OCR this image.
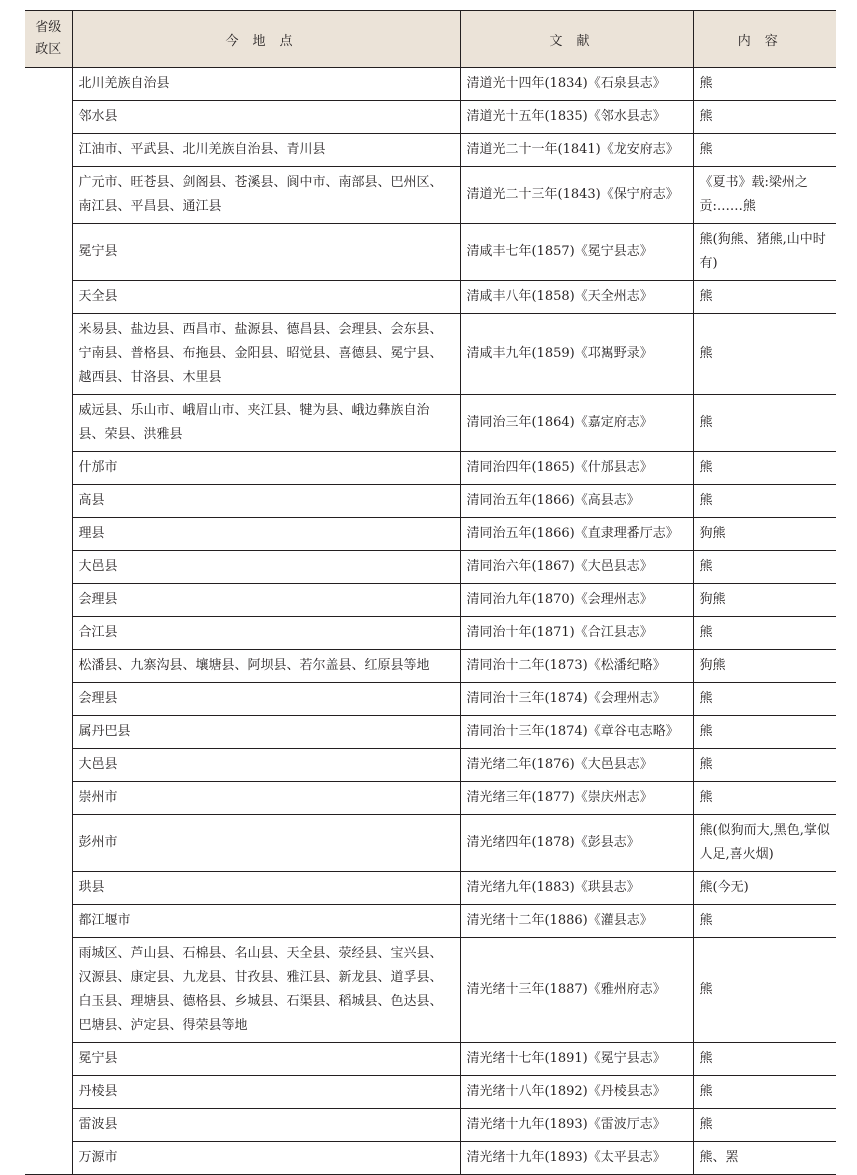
省级
政区	今地点	文献	内容
	北川羌族自治县	清道光十四年(1834)《石泉县志》	熊
	邻水县	清道光十五年(1835)《邻水县志》	熊
	江油市、平武县、北川羌族自治县、青川县	清道光二十一年(1841)《龙安府志》	熊
	广元市、旺苍县、剑阁县、苍溪县、阆中市、南部县、巴州区、南江县、平昌县、通江县	清道光二十三年(1843)《保宁府志》	《夏书》载:梁州之贡:……熊
	冕宁县	清咸丰七年(1857)《冕宁县志》	熊(狗熊、猪熊,山中时有)
	天全县	清咸丰八年(1858)《天全州志》	熊
	米易县、盐边县、西昌市、盐源县、德昌县、会理县、会东县、宁南县、普格县、布拖县、金阳县、昭觉县、喜德县、冕宁县、越西县、甘洛县、木里县	清咸丰九年(1859)《邛嶲野录》	熊
	威远县、乐山市、峨眉山市、夹江县、犍为县、峨边彝族自治县、荣县、洪雅县	清同治三年(1864)《嘉定府志》	熊
	什邡市	清同治四年(1865)《什邡县志》	熊
	高县	清同治五年(1866)《高县志》	熊
	理县	清同治五年(1866)《直隶理番厅志》	狗熊
	大邑县	清同治六年(1867)《大邑县志》	熊
	会理县	清同治九年(1870)《会理州志》	狗熊
	合江县	清同治十年(1871)《合江县志》	熊
	松潘县、九寨沟县、壤塘县、阿坝县、若尔盖县、红原县等地	清同治十二年(1873)《松潘纪略》	狗熊
	会理县	清同治十三年(1874)《会理州志》	熊
	属丹巴县	清同治十三年(1874)《章谷屯志略》	熊
	大邑县	清光绪二年(1876)《大邑县志》	熊
	崇州市	清光绪三年(1877)《崇庆州志》	熊
	彭州市	清光绪四年(1878)《彭县志》	熊(似狗而大,黑色,掌似人足,喜火烟)
	珙县	清光绪九年(1883)《珙县志》	熊(今无)
	都江堰市	清光绪十二年(1886)《灌县志》	熊
	雨城区、芦山县、石棉县、名山县、天全县、荥经县、宝兴县、汉源县、康定县、九龙县、甘孜县、雅江县、新龙县、道孚县、白玉县、理塘县、德格县、乡城县、石渠县、稻城县、色达县、巴塘县、泸定县、得荣县等地	清光绪十三年(1887)《雅州府志》	熊
	冕宁县	清光绪十七年(1891)《冕宁县志》	熊
	丹棱县	清光绪十八年(1892)《丹棱县志》	熊
	雷波县	清光绪十九年(1893)《雷波厅志》	熊
	万源市	清光绪十九年(1893)《太平县志》	熊、罴
